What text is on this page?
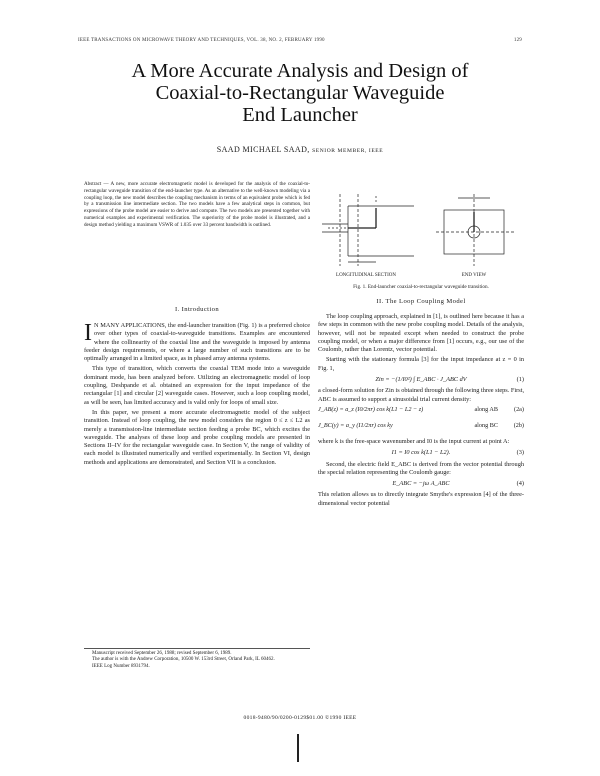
IEEE TRANSACTIONS ON MICROWAVE THEORY AND TECHNIQUES, VOL. 38, NO. 2, FEBRUARY 1990	129
A More Accurate Analysis and Design of
Coaxial-to-Rectangular Waveguide
End Launcher
SAAD MICHAEL SAAD, SENIOR MEMBER, IEEE
Abstract — A new, more accurate electromagnetic model is developed for the analysis of the coaxial-to-rectangular waveguide transition of the end-launcher type. As an alternative to the well-known modeling via a coupling loop, the new model describes the coupling mechanism in terms of an equivalent probe which is fed by a transmission line intermediate section. The two models have a few analytical steps in common, but expressions of the probe model are easier to derive and compute. The two models are presented together with numerical examples and experimental verification. The superiority of the probe model is illustrated, and a design method yielding a maximum VSWR of 1.035 over 33 percent bandwidth is outlined.
I. Introduction

I N MANY APPLICATIONS, the end-launcher transition (Fig. 1) is a preferred choice over other types of coaxial-to-waveguide transitions. Examples are encountered where the collinearity of the coaxial line and the waveguide is imposed by antenna feeder design requirements, or where a large number of such transitions are to be optimally arranged in a limited space, as in phased array antenna systems.

This type of transition, which converts the coaxial TEM mode into a waveguide dominant mode, has been analyzed before. Utilizing an electromagnetic model of loop coupling, Deshpande et al. obtained an expression for the input impedance of the rectangular [1] and circular [2] waveguide cases. However, such a loop coupling model, as will be seen, has limited accuracy and is valid only for loops of small size.

In this paper, we present a more accurate electromagnetic model of the subject transition. Instead of loop coupling, the new model considers the region 0 ≤ z ≤ L2 as merely a transmission-line intermediate section feeding a probe BC, which excites the waveguide. The analyses of these loop and probe coupling models are presented in Sections II–IV for the rectangular waveguide case. In Section V, the range of validity of each model is illustrated numerically and verified experimentally. In Section VI, design methods and applications are demonstrated, and Section VII is a conclusion.

Manuscript received September 26, 1988; revised September 6, 1989.

The author is with the Andrew Corporation, 10500 W. 153rd Street, Orland Park, IL 60462.

IEEE Log Number 8931794.

LONGITUDINAL SECTION	END VIEW
Fig. 1. End-launcher coaxial-to-rectangular waveguide transition.
II. The Loop Coupling Model

The loop coupling approach, explained in [1], is outlined here because it has a few steps in common with the new probe coupling model. Details of the analysis, however, will not be repeated except when needed to construct the probe coupling model, or when a major difference from [1] occurs, e.g., our use of the Coulomb, rather than Lorentz, vector potential.

Starting with the stationary formula [3] for the input impedance at z = 0 in Fig. 1,

Zin = −(1/I0²) ∫ E_ABC · J_ABC dV	(1)

a closed-form solution for Zin is obtained through the following three steps. First, ABC is assumed to support a sinusoidal trial current density:

J_AB(z) = a_z (I0/2πr) cos k(L1 − L2 − z)	along AB	(2a)
J_BC(y) = a_y (I1/2πr) cos ky	along BC	(2b)

where k is the free-space wavenumber and I0 is the input current at point A:

I1 = I0 cos k(L1 − L2).	(3)

Second, the electric field E_ABC is derived from the vector potential through the special relation representing the Coulomb gauge:

E_ABC = −jω A_ABC	(4)

This relation allows us to directly integrate Smythe's expression [4] of the three-dimensional vector potential

0018-9480/90/0200-0129$01.00 ©1990 IEEE
